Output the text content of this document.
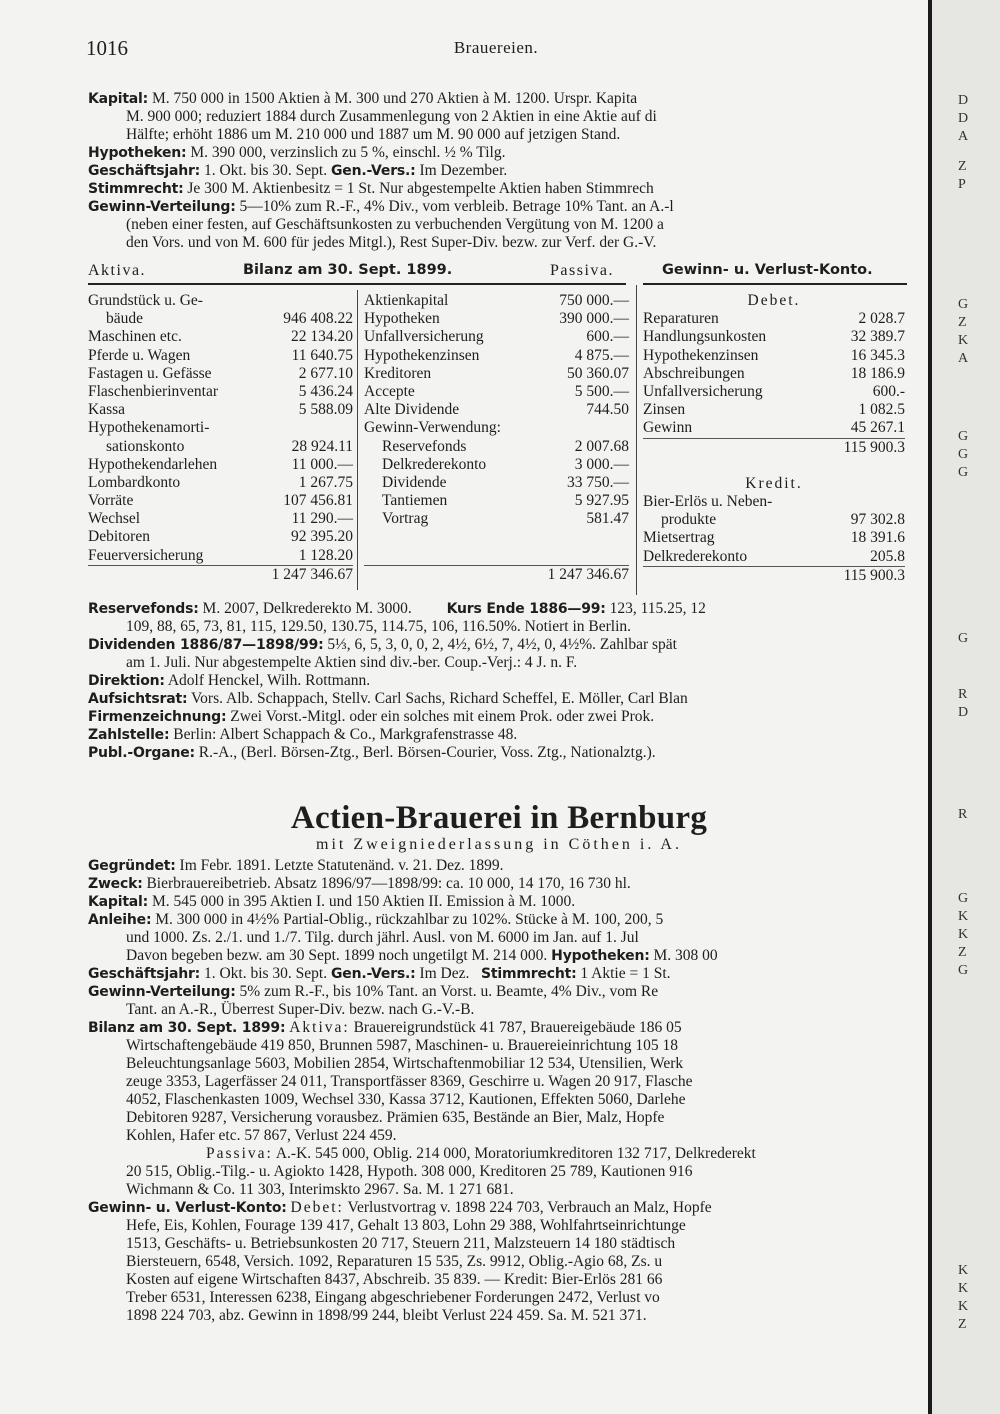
D
D
A
Z
P
G
Z
K
A
G
G
G
G
R
D
R
G
K
K
Z
G
K
K
K
Z
1016	Brauereien.

Kapital: M. 750 000 in 1500 Aktien à M. 300 und 270 Aktien à M. 1200. Urspr. Kapita

M. 900 000; reduziert 1884 durch Zusammenlegung von 2 Aktien in eine Aktie auf di

Hälfte; erhöht 1886 um M. 210 000 und 1887 um M. 90 000 auf jetzigen Stand.

Hypotheken: M. 390 000, verzinslich zu 5 %, einschl. ½ % Tilg.

Geschäftsjahr: 1. Okt. bis 30. Sept. Gen.-Vers.: Im Dezember.

Stimmrecht: Je 300 M. Aktienbesitz = 1 St. Nur abgestempelte Aktien haben Stimmrech

Gewinn-Verteilung: 5—10% zum R.-F., 4% Div., vom verbleib. Betrage 10% Tant. an A.-l

(neben einer festen, auf Geschäftsunkosten zu verbuchenden Vergütung von M. 1200 a

den Vors. und von M. 600 für jedes Mitgl.), Rest Super-Div. bezw. zur Verf. der G.-V.

Aktiva.	Bilanz am 30. Sept. 1899.	Passiva.	Gewinn- u. Verlust-Konto.
Grundstück u. Ge-
bäude	946 408.22
Maschinen etc.	22 134.20
Pferde u. Wagen	11 640.75
Fastagen u. Gefässe	2 677.10
Flaschenbierinventar	5 436.24
Kassa	5 588.09
Hypothekenamorti-
sationskonto	28 924.11
Hypothekendarlehen	11 000.—
Lombardkonto	1 267.75
Vorräte	107 456.81
Wechsel	11 290.—
Debitoren	92 395.20
Feuerversicherung	1 128.20
1 247 346.67
Aktienkapital	750 000.—
Hypotheken	390 000.—
Unfallversicherung	600.—
Hypothekenzinsen	4 875.—
Kreditoren	50 360.07
Accepte	5 500.—
Alte Dividende	744.50
Gewinn-Verwendung:
Reservefonds	2 007.68
Delkrederekonto	3 000.—
Dividende	33 750.—
Tantiemen	5 927.95
Vortrag	581.47
1 247 346.67
Debet.
Reparaturen	2 028.7
Handlungsunkosten	32 389.7
Hypothekenzinsen	16 345.3
Abschreibungen	18 186.9
Unfallversicherung	600.-
Zinsen	1 082.5
Gewinn	45 267.1
115 900.3
Kredit.
Bier-Erlös u. Neben-
produkte	97 302.8
Mietsertrag	18 391.6
Delkrederekonto	205.8
115 900.3

Reservefonds: M. 2007, Delkrederekto M. 3000. Kurs Ende 1886—99: 123, 115.25, 12

109, 88, 65, 73, 81, 115, 129.50, 130.75, 114.75, 106, 116.50%. Notiert in Berlin.

Dividenden 1886/87—1898/99: 5⅓, 6, 5, 3, 0, 0, 2, 4½, 6½, 7, 4½, 0, 4½%. Zahlbar spät

am 1. Juli. Nur abgestempelte Aktien sind div.-ber. Coup.-Verj.: 4 J. n. F.

Direktion: Adolf Henckel, Wilh. Rottmann.

Aufsichtsrat: Vors. Alb. Schappach, Stellv. Carl Sachs, Richard Scheffel, E. Möller, Carl Blan

Firmenzeichnung: Zwei Vorst.-Mitgl. oder ein solches mit einem Prok. oder zwei Prok.

Zahlstelle: Berlin: Albert Schappach & Co., Markgrafenstrasse 48.

Publ.-Organe: R.-A., (Berl. Börsen-Ztg., Berl. Börsen-Courier, Voss. Ztg., Nationalztg.).

Actien-Brauerei in Bernburg
mit Zweigniederlassung in Cöthen i. A.

Gegründet: Im Febr. 1891. Letzte Statutenänd. v. 21. Dez. 1899.

Zweck: Bierbrauereibetrieb. Absatz 1896/97—1898/99: ca. 10 000, 14 170, 16 730 hl.

Kapital: M. 545 000 in 395 Aktien I. und 150 Aktien II. Emission à M. 1000.

Anleihe: M. 300 000 in 4½% Partial-Oblig., rückzahlbar zu 102%. Stücke à M. 100, 200, 5

und 1000. Zs. 2./1. und 1./7. Tilg. durch jährl. Ausl. von M. 6000 im Jan. auf 1. Jul

Davon begeben bezw. am 30 Sept. 1899 noch ungetilgt M. 214 000. Hypotheken: M. 308 00

Geschäftsjahr: 1. Okt. bis 30. Sept. Gen.-Vers.: Im Dez. Stimmrecht: 1 Aktie = 1 St.

Gewinn-Verteilung: 5% zum R.-F., bis 10% Tant. an Vorst. u. Beamte, 4% Div., vom Re

Tant. an A.-R., Überrest Super-Div. bezw. nach G.-V.-B.

Bilanz am 30. Sept. 1899: Aktiva: Brauereigrundstück 41 787, Brauereigebäude 186 05

Wirtschaftengebäude 419 850, Brunnen 5987, Maschinen- u. Brauereieinrichtung 105 18

Beleuchtungsanlage 5603, Mobilien 2854, Wirtschaftenmobiliar 12 534, Utensilien, Werk

zeuge 3353, Lagerfässer 24 011, Transportfässer 8369, Geschirre u. Wagen 20 917, Flasche

4052, Flaschenkasten 1009, Wechsel 330, Kassa 3712, Kautionen, Effekten 5060, Darlehe

Debitoren 9287, Versicherung vorausbez. Prämien 635, Bestände an Bier, Malz, Hopfe

Kohlen, Hafer etc. 57 867, Verlust 224 459.

Passiva: A.-K. 545 000, Oblig. 214 000, Moratoriumkreditoren 132 717, Delkrederekt

20 515, Oblig.-Tilg.- u. Agiokto 1428, Hypoth. 308 000, Kreditoren 25 789, Kautionen 916

Wichmann & Co. 11 303, Interimskto 2967. Sa. M. 1 271 681.

Gewinn- u. Verlust-Konto: Debet: Verlustvortrag v. 1898 224 703, Verbrauch an Malz, Hopfe

Hefe, Eis, Kohlen, Fourage 139 417, Gehalt 13 803, Lohn 29 388, Wohlfahrtseinrichtunge

1513, Geschäfts- u. Betriebsunkosten 20 717, Steuern 211, Malzsteuern 14 180 städtisch

Biersteuern, 6548, Versich. 1092, Reparaturen 15 535, Zs. 9912, Oblig.-Agio 68, Zs. u

Kosten auf eigene Wirtschaften 8437, Abschreib. 35 839. — Kredit: Bier-Erlös 281 66

Treber 6531, Interessen 6238, Eingang abgeschriebener Forderungen 2472, Verlust vo

1898 224 703, abz. Gewinn in 1898/99 244, bleibt Verlust 224 459. Sa. M. 521 371.
